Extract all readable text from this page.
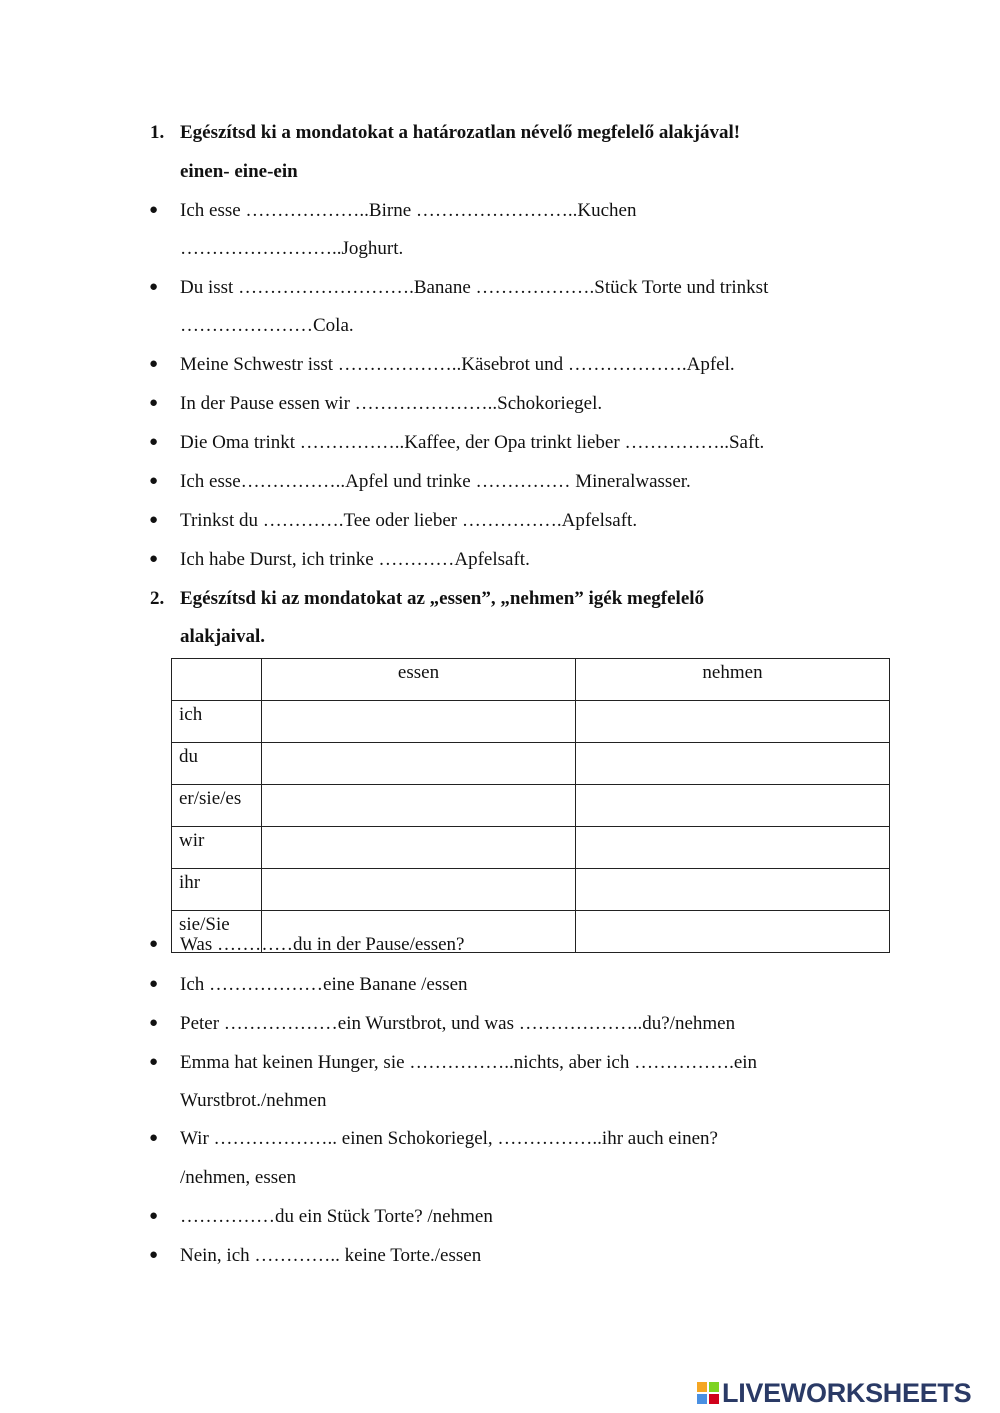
1. Egészítsd ki a mondatokat a határozatlan névelő megfelelő alakjával!
einen- eine-ein
● Ich esse ………………..Birne ……………………..Kuchen
……………………..Joghurt.
● Du isst ……………………….Banane ……………….Stück Torte und trinkst
…………………Cola.
● Meine Schwestr isst ………………..Käsebrot und ……………….Apfel.
● In der Pause essen wir …………………..Schokoriegel.
● Die Oma trinkt ……………..Kaffee, der Opa trinkt lieber ……………..Saft.
● Ich esse……………..Apfel und trinke …………… Mineralwasser.
● Trinkst du ………….Tee oder lieber …………….Apfelsaft.
● Ich habe Durst, ich trinke …………Apfelsaft.
2. Egészítsd ki az mondatokat az „essen”, „nehmen” igék megfelelő
alakjaival.
	essen	nehmen
ich		
du		
er/sie/es		
wir		
ihr		
sie/Sie		
● Was …………du in der Pause/essen?
● Ich ………………eine Banane /essen
● Peter ………………ein Wurstbrot, und was ………………..du?/nehmen
● Emma hat keinen Hunger, sie ……………..nichts, aber ich …………….ein
Wurstbrot./nehmen
● Wir ……………….. einen Schokoriegel, ……………..ihr auch einen?
/nehmen, essen
● ……………du ein Stück Torte? /nehmen
● Nein, ich ………….. keine Torte./essen
LIVEWORKSHEETS
